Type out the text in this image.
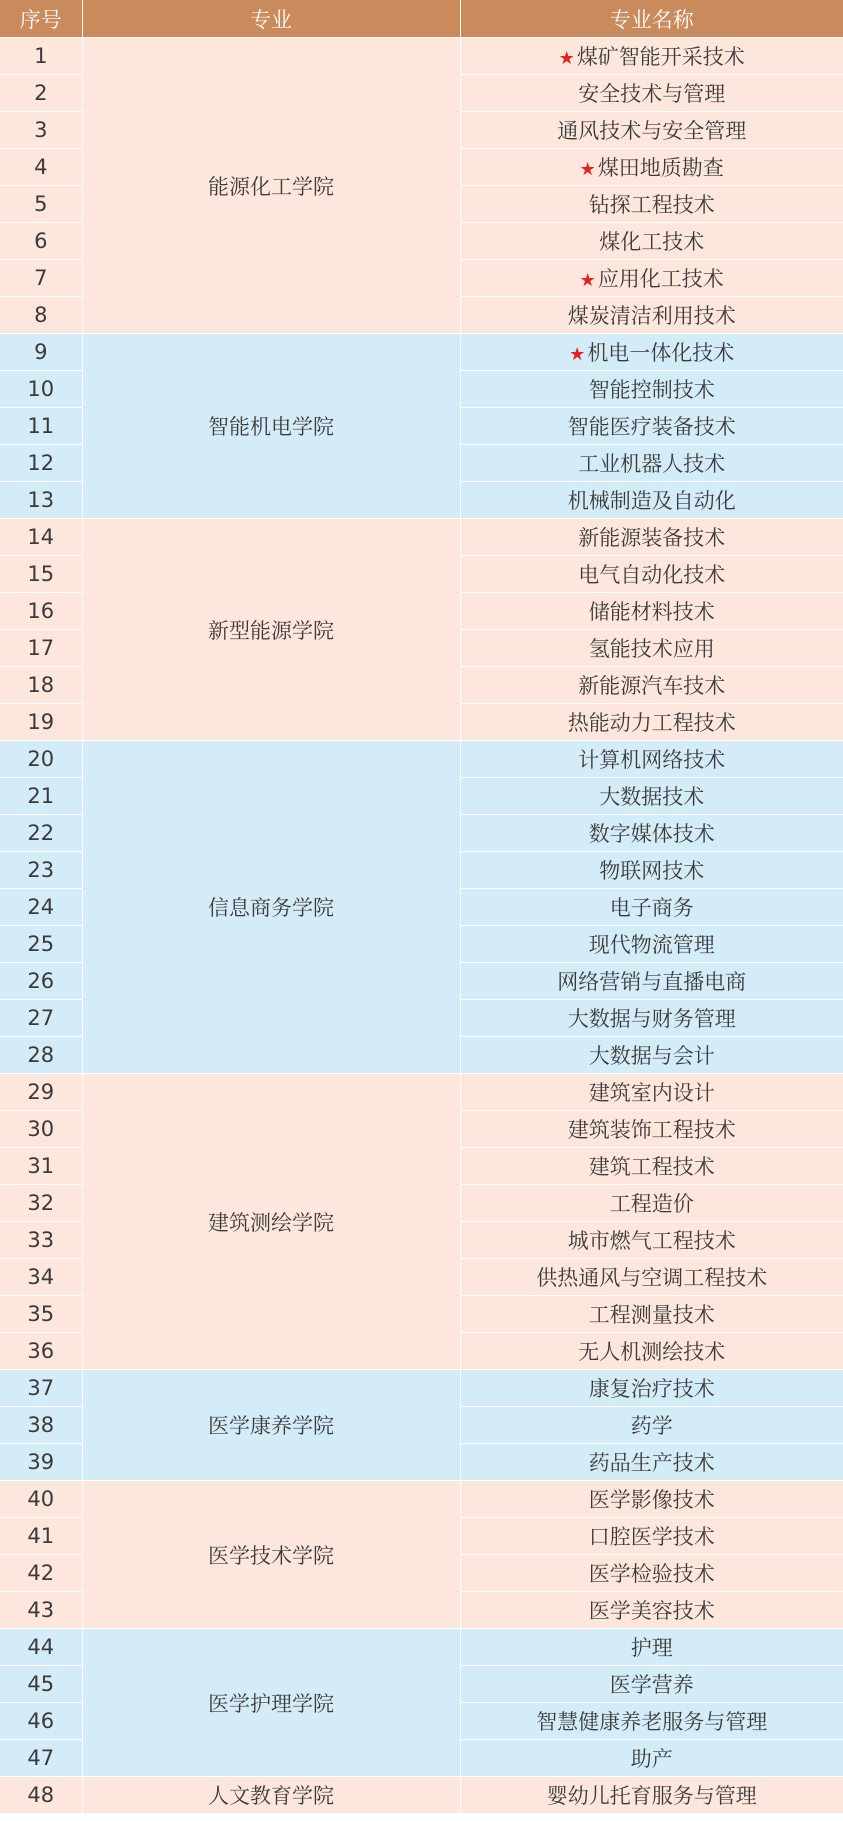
序号	专业	专业名称
1	能源化工学院	★煤矿智能开采技术
2		安全技术与管理
3		通风技术与安全管理
4		★煤田地质勘查
5		钻探工程技术
6		煤化工技术
7		★应用化工技术
8		煤炭清洁利用技术
9	智能机电学院	★机电一体化技术
10		智能控制技术
11		智能医疗装备技术
12		工业机器人技术
13		机械制造及自动化
14	新型能源学院	新能源装备技术
15		电气自动化技术
16		储能材料技术
17		氢能技术应用
18		新能源汽车技术
19		热能动力工程技术
20	信息商务学院	计算机网络技术
21		大数据技术
22		数字媒体技术
23		物联网技术
24		电子商务
25		现代物流管理
26		网络营销与直播电商
27		大数据与财务管理
28		大数据与会计
29	建筑测绘学院	建筑室内设计
30		建筑装饰工程技术
31		建筑工程技术
32		工程造价
33		城市燃气工程技术
34		供热通风与空调工程技术
35		工程测量技术
36		无人机测绘技术
37	医学康养学院	康复治疗技术
38		药学
39		药品生产技术
40	医学技术学院	医学影像技术
41		口腔医学技术
42		医学检验技术
43		医学美容技术
44	医学护理学院	护理
45		医学营养
46		智慧健康养老服务与管理
47		助产
48	人文教育学院	婴幼儿托育服务与管理
